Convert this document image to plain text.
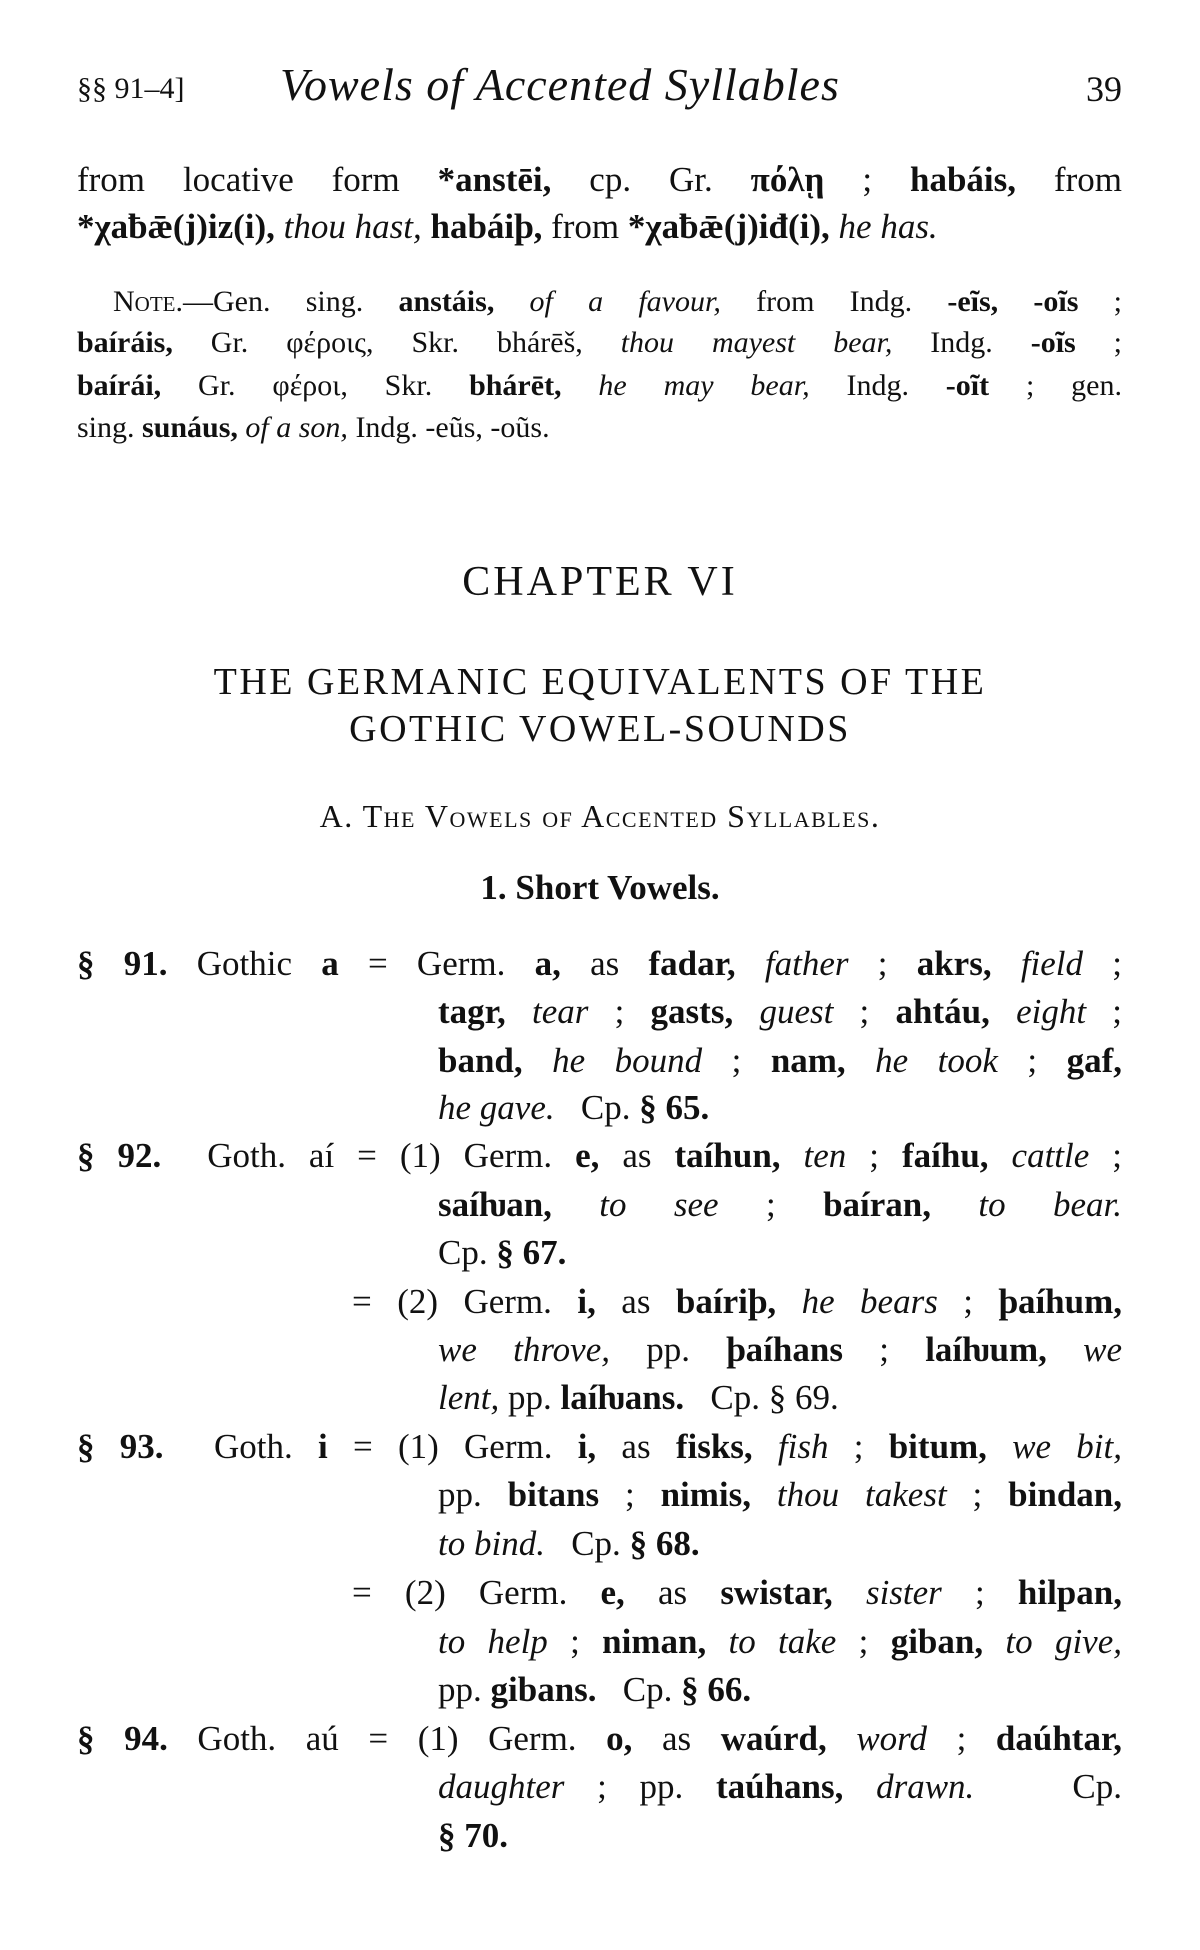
§§ 91–4] Vowels of Accented Syllables	39
from locative form *anstēi, cp. Gr. πόλῃ ; habáis, from
*χaƀǣ(j)iz(i), thou hast, habáiþ, from *χaƀǣ(j)iđ(i), he has.
Note.—Gen. sing. anstáis, of a favour, from Indg. -eĩs, -oĩs ;
baíráis, Gr. φέροις, Skr. bhárēš, thou mayest bear, Indg. -oĩs ;
baírái, Gr. φέροι, Skr. bhárēt, he may bear, Indg. -oĩt ; gen.
sing. sunáus, of a son, Indg. -eũs, -oũs.
§ 91. Gothic a = Germ. a, as fadar, father ; akrs, field ;
tagr, tear ; gasts, guest ; ahtáu, eight ;
band, he bound ; nam, he took ; gaf,
he gave.   Cp. § 65.
§ 92.  Goth. aí = (1) Germ. e, as taíhun, ten ; faíhu, cattle ;
saíƕan, to see ; baíran, to bear.
Cp. § 67.
= (2) Germ. i, as baíriþ, he bears ; þaíhum,
we throve, pp. þaíhans ; laíƕum, we
lent, pp. laíƕans.   Cp. § 69.
§ 93.  Goth. i = (1) Germ. i, as fisks, fish ; bitum, we bit,
pp. bitans ; nimis, thou takest ; bindan,
to bind.   Cp. § 68.
= (2) Germ. e, as swistar, sister ; hilpan,
to help ; niman, to take ; giban, to give,
pp. gibans.   Cp. § 66.
§ 94. Goth. aú = (1) Germ. o, as waúrd, word ; daúhtar,
daughter ; pp. taúhans, drawn.   Cp.
§ 70.
CHAPTER VI
THE GERMANIC EQUIVALENTS OF THE
GOTHIC VOWEL-SOUNDS
A. The Vowels of Accented Syllables.
1. Short Vowels.
